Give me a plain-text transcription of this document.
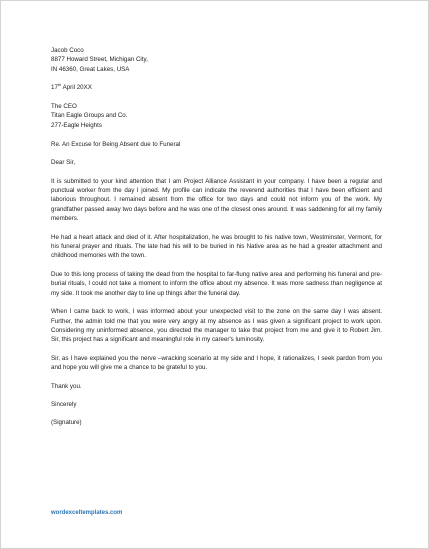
Jacob Coco
8877 Howard Street, Michigan City,
IN 46360, Great Lakes, USA
17th April 20XX
The CEO
Titan Eagle Groups and Co.
277-Eagle Heights
Re. An Excuse for Being Absent due to Funeral
Dear Sir,

It is submitted to your kind attention that I am Project Alliance Assistant in your company. I have been a regular and punctual worker from the day I joined. My profile can indicate the reverend authorities that I have been efficient and laborious throughout. I remained absent from the office for two days and could not inform you of the work. My grandfather passed away two days before and he was one of the closest ones around. It was saddening for all my family members.

He had a heart attack and died of it. After hospitalization, he was brought to his native town, Westminster, Vermont, for his funeral prayer and rituals. The late had his will to be buried in his Native area as he had a greater attachment and childhood memories with the town.

Due to this long process of taking the dead from the hospital to far-flung native area and performing his funeral and pre-burial rituals, I could not take a moment to inform the office about my absence. It was more sadness than negligence at my side. It took me another day to line up things after the funeral day.

When I came back to work, I was informed about your unexpected visit to the zone on the same day I was absent. Further, the admin told me that you were very angry at my absence as I was given a significant project to work upon. Considering my uninformed absence, you directed the manager to take that project from me and give it to Robert Jim. Sir, this project has a significant and meaningful role in my career's luminosity.

Sir, as I have explained you the nerve –wracking scenario at my side and I hope, it rationalizes, I seek pardon from you and hope you will give me a chance to be grateful to you.

Thank you.
Sincerely
(Signature)
wordexceltemplates.com
